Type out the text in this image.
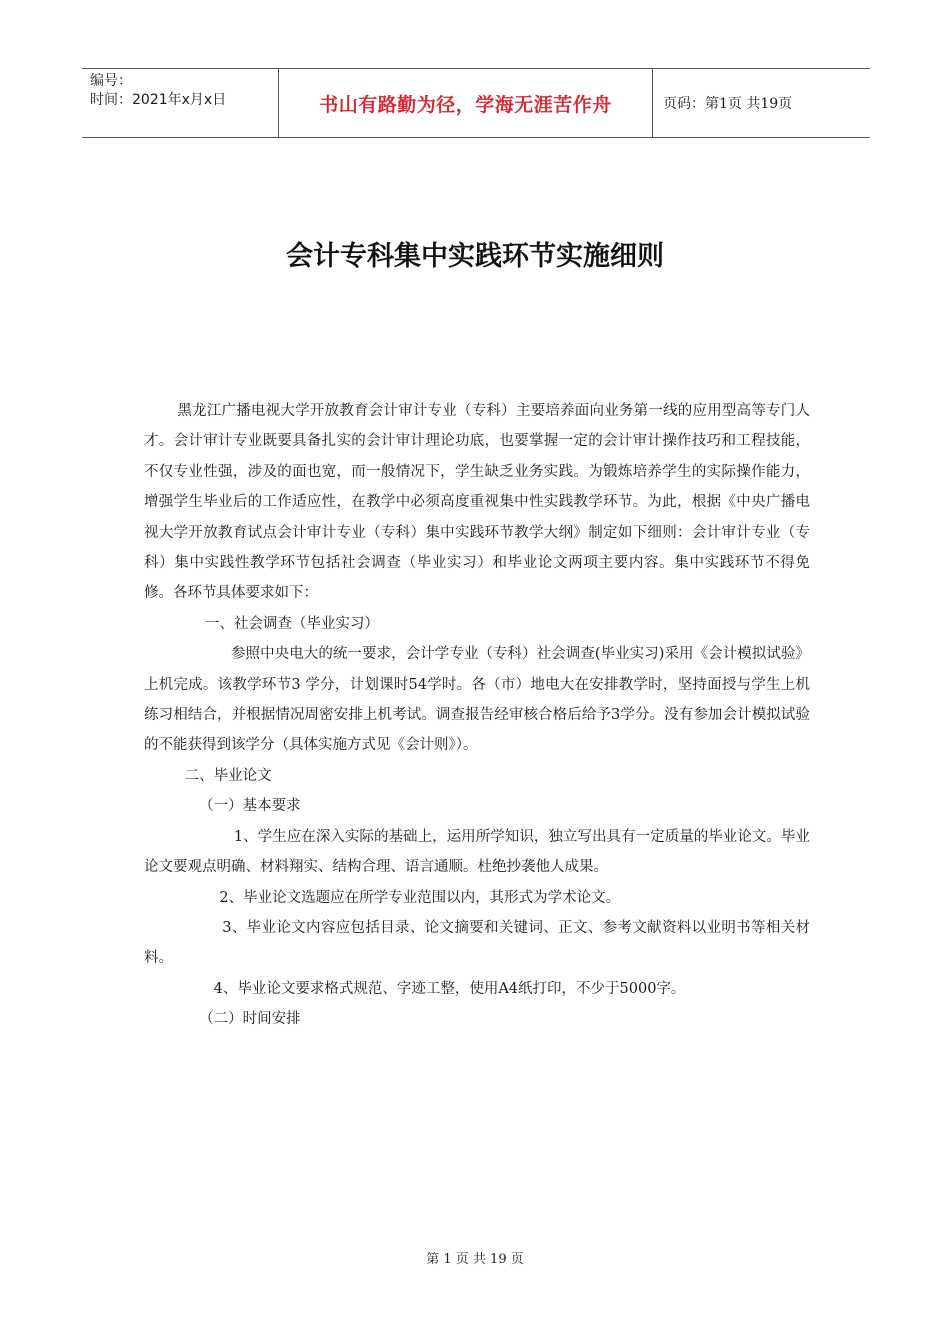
编号：
时间：2021年x月x日	书山有路勤为径，学海无涯苦作舟	页码：第1页 共19页
会计专科集中实践环节实施细则

黑龙江广播电视大学开放教育会计审计专业（专科）主要培养面向业务第一线的应用型高等专门人才。会计审计专业既要具备扎实的会计审计理论功底，也要掌握一定的会计审计操作技巧和工程技能，不仅专业性强，涉及的面也宽，而一般情况下，学生缺乏业务实践。为锻炼培养学生的实际操作能力，增强学生毕业后的工作适应性，在教学中必须高度重视集中性实践教学环节。为此，根据《中央广播电视大学开放教育试点会计审计专业（专科）集中实践环节教学大纲》制定如下细则：会计审计专业（专科）集中实践性教学环节包括社会调查（毕业实习）和毕业论文两项主要内容。集中实践环节不得免修。各环节具体要求如下：

一、社会调查（毕业实习）

参照中央电大的统一要求，会计学专业（专科）社会调查(毕业实习)采用《会计模拟试验》上机完成。该教学环节3 学分，计划课时54学时。各（市）地电大在安排教学时，坚持面授与学生上机练习相结合，并根据情况周密安排上机考试。调查报告经审核合格后给予3学分。没有参加会计模拟试验的不能获得到该学分（具体实施方式见《会计则》）。

二、毕业论文

（一）基本要求

1、学生应在深入实际的基础上，运用所学知识，独立写出具有一定质量的毕业论文。毕业论文要观点明确、材料翔实、结构合理、语言通顺。杜绝抄袭他人成果。

2、毕业论文选题应在所学专业范围以内，其形式为学术论文。

3、毕业论文内容应包括目录、论文摘要和关键词、正文、参考文献资料以业明书等相关材料。

4、毕业论文要求格式规范、字迹工整，使用A4纸打印，不少于5000字。

（二）时间安排

第 1 页 共 19 页
